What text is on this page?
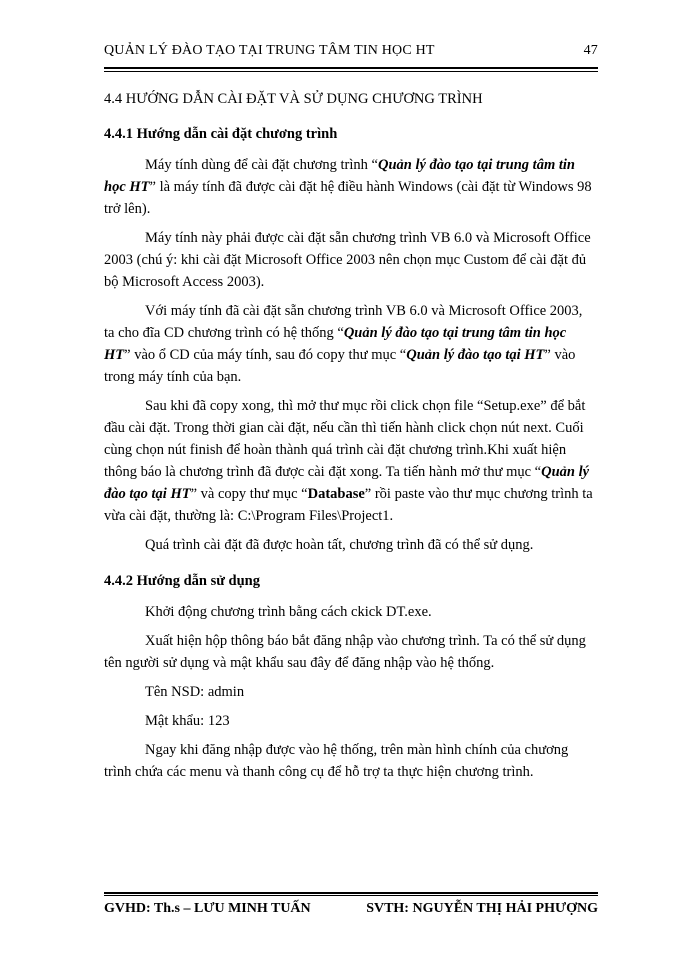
QUẢN LÝ ĐÀO TẠO TẠI TRUNG TÂM TIN HỌC HT	47
4.4 HƯỚNG DẪN CÀI ĐẶT VÀ SỬ DỤNG CHƯƠNG TRÌNH
4.4.1 Hướng dẫn cài đặt chương trình

Máy tính dùng để cài đặt chương trình “Quản lý đào tạo tại trung tâm tin học HT” là máy tính đã được cài đặt hệ điều hành Windows (cài đặt từ Windows 98 trở lên).

Máy tính này phải được cài đặt sẵn chương trình VB 6.0 và Microsoft Office 2003 (chú ý: khi cài đặt Microsoft Office 2003 nên chọn mục Custom để cài đặt đủ bộ Microsoft Access 2003).

Với máy tính đã cài đặt sẵn chương trình VB 6.0 và Microsoft Office 2003, ta cho đĩa CD chương trình có hệ thống “Quản lý đào tạo tại trung tâm tin học HT” vào ổ CD của máy tính, sau đó copy thư mục “Quản lý đào tạo tại HT” vào trong máy tính của bạn.

Sau khi đã copy xong, thì mở thư mục rồi click chọn file “Setup.exe” để bắt đầu cài đặt. Trong thời gian cài đặt, nếu cần thì tiến hành click chọn nút next. Cuối cùng chọn nút finish để hoàn thành quá trình cài đặt chương trình.Khi xuất hiện thông báo là chương trình đã được cài đặt xong. Ta tiến hành mở thư mục “Quản lý đào tạo tại HT” và copy thư mục “Database” rồi paste vào thư mục chương trình ta vừa cài đặt, thường là: C:\Program Files\Project1.

Quá trình cài đặt đã được hoàn tất, chương trình đã có thể sử dụng.

4.4.2 Hướng dẫn sử dụng

Khởi động chương trình bằng cách ckick DT.exe.

Xuất hiện hộp thông báo bắt đăng nhập vào chương trình. Ta có thể sử dụng tên người sử dụng và mật khẩu sau đây để đăng nhập vào hệ thống.

Tên NSD: admin

Mật khẩu: 123

Ngay khi đăng nhập được vào hệ thống, trên màn hình chính của chương trình chứa các menu và thanh công cụ để hỗ trợ ta thực hiện chương trình.

GVHD: Th.s – LƯU MINH TUẤN	SVTH: NGUYỄN THỊ HẢI PHƯỢNG
